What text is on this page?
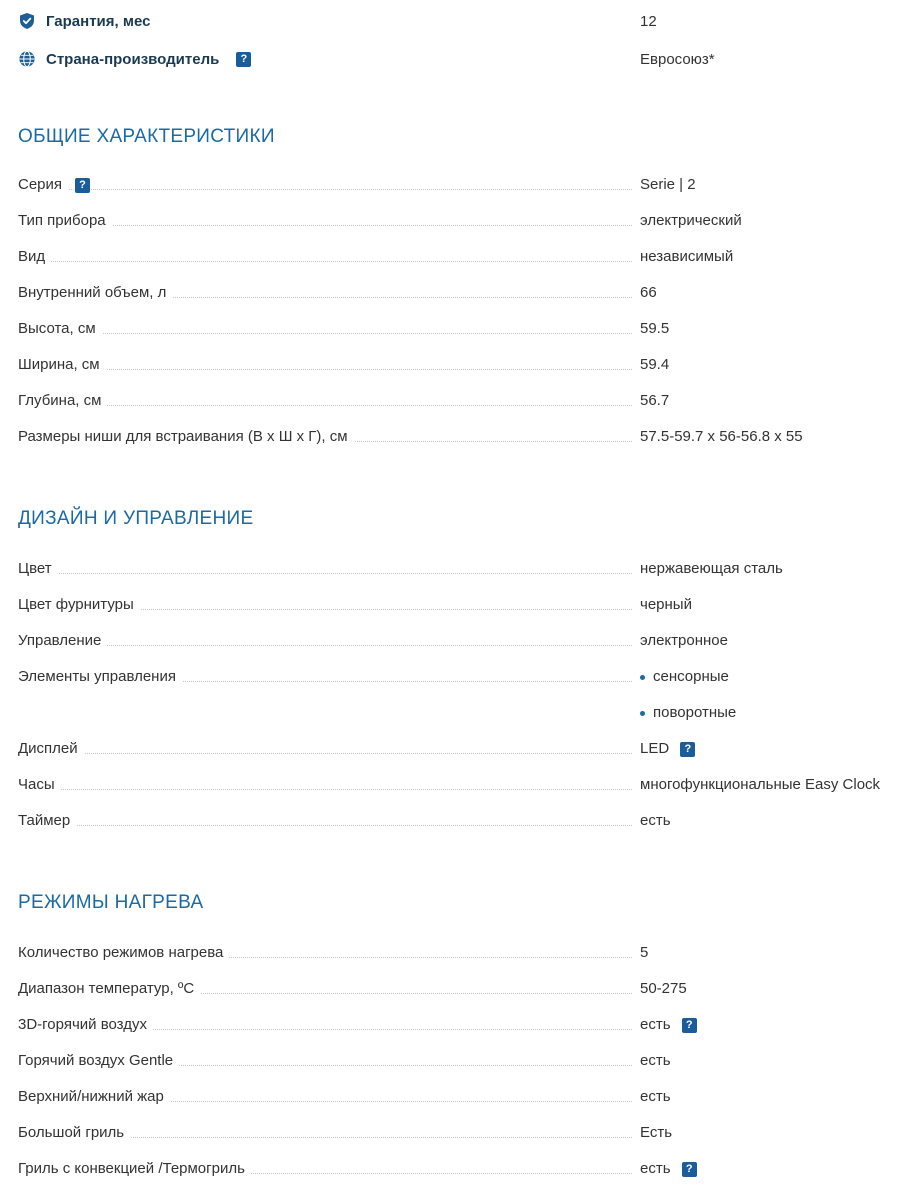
Гарантия, мес	12
Страна-производитель	?	Евросоюз*
ОБЩИЕ ХАРАКТЕРИСТИКИ
Серия	?	Serie | 2
Тип прибора	электрический
Вид	независимый
Внутренний объем, л	66
Высота, см	59.5
Ширина, см	59.4
Глубина, см	56.7
Размеры ниши для встраивания (В х Ш х Г), см	57.5-59.7 x 56-56.8 x 55
ДИЗАЙН И УПРАВЛЕНИЕ
Цвет	нержавеющая сталь
Цвет фурнитуры	черный
Управление	электронное
Элементы управления	сенсорные
поворотные
Дисплей	LED ?
Часы	многофункциональные Easy Clock
Таймер	есть
РЕЖИМЫ НАГРЕВА
Количество режимов нагрева	5
Диапазон температур, ºC	50-275
3D-горячий воздух	есть ?
Горячий воздух Gentle	есть
Верхний/нижний жар	есть
Большой гриль	Есть
Гриль с конвекцией /Термогриль	есть ?
